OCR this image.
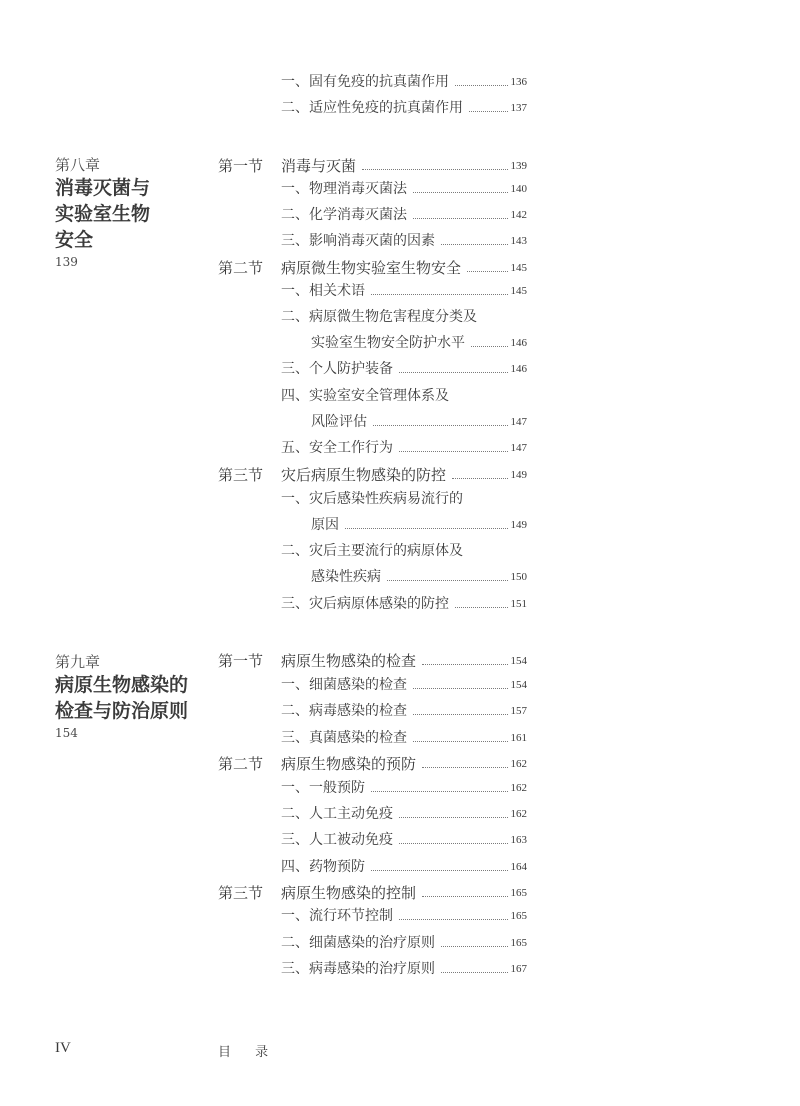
一、固有免疫的抗真菌作用	136
二、适应性免疫的抗真菌作用	137
第八章
消毒灭菌与
实验室生物
安全
139
第一节 消毒与灭菌	139
一、物理消毒灭菌法	140
二、化学消毒灭菌法	142
三、影响消毒灭菌的因素	143
第二节 病原微生物实验室生物安全	145
一、相关术语	145
二、病原微生物危害程度分类及
实验室生物安全防护水平	146
三、个人防护装备	146
四、实验室安全管理体系及
风险评估	147
五、安全工作行为	147
第三节 灾后病原生物感染的防控	149
一、灾后感染性疾病易流行的
原因	149
二、灾后主要流行的病原体及
感染性疾病	150
三、灾后病原体感染的防控	151
第九章
病原生物感染的
检查与防治原则
154
第一节 病原生物感染的检查	154
一、细菌感染的检查	154
二、病毒感染的检查	157
三、真菌感染的检查	161
第二节 病原生物感染的预防	162
一、一般预防	162
二、人工主动免疫	162
三、人工被动免疫	163
四、药物预防	164
第三节 病原生物感染的控制	165
一、流行环节控制	165
二、细菌感染的治疗原则	165
三、病毒感染的治疗原则	167
IV	目 录
